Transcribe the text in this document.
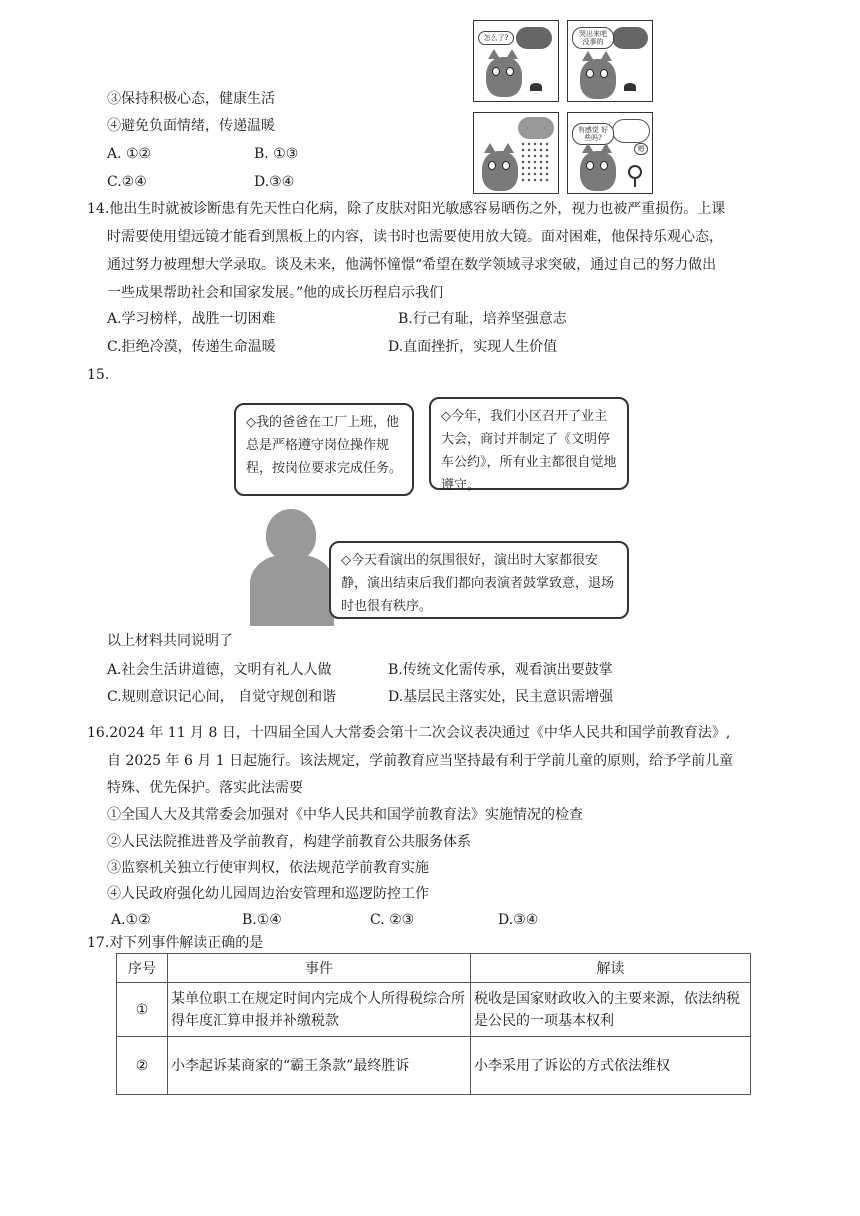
③保持积极心态，健康生活
④避免负面情绪，传递温暖
A. ①②	B. ①③
C.②④	D.③④
怎么了?	哭出来吧 没事的
有感觉 好些吗?
嗯
14.他出生时就被诊断患有先天性白化病，除了皮肤对阳光敏感容易晒伤之外，视力也被严重损伤。上课
时需要使用望远镜才能看到黑板上的内容，读书时也需要使用放大镜。面对困难，他保持乐观心态，
通过努力被理想大学录取。谈及未来，他满怀憧憬“希望在数学领域寻求突破，通过自己的努力做出
一些成果帮助社会和国家发展。”他的成长历程启示我们
A.学习榜样，战胜一切困难	B.行己有耻，培养坚强意志
C.拒绝冷漠，传递生命温暖	D.直面挫折，实现人生价值
15.
◇我的爸爸在工厂上班，他总是严格遵守岗位操作规程，按岗位要求完成任务。
◇今年，我们小区召开了业主大会，商讨并制定了《文明停车公约》，所有业主都很自觉地遵守。
◇今天看演出的氛围很好，演出时大家都很安静，演出结束后我们都向表演者鼓掌致意，退场时也很有秩序。
以上材料共同说明了
A.社会生活讲道德，文明有礼人人做	B.传统文化需传承，观看演出要鼓掌
C.规则意识记心间， 自觉守规创和谐	D.基层民主落实处，民主意识需增强
16.2024 年 11 月 8 日，十四届全国人大常委会第十二次会议表决通过《中华人民共和国学前教育法》,
自 2025 年 6 月 1 日起施行。该法规定，学前教育应当坚持最有利于学前儿童的原则，给予学前儿童
特殊、优先保护。落实此法需要
①全国人大及其常委会加强对《中华人民共和国学前教育法》实施情况的检查
②人民法院推进普及学前教育，构建学前教育公共服务体系
③监察机关独立行使审判权，依法规范学前教育实施
④人民政府强化幼儿园周边治安管理和巡逻防控工作
A.①②	B.①④	C. ②③	D.③④
17.对下列事件解读正确的是
序号	事件	解读
①	某单位职工在规定时间内完成个人所得税综合所得年度汇算申报并补缴税款	税收是国家财政收入的主要来源，依法纳税是公民的一项基本权利
②	小李起诉某商家的“霸王条款”最终胜诉	小李采用了诉讼的方式依法维权
